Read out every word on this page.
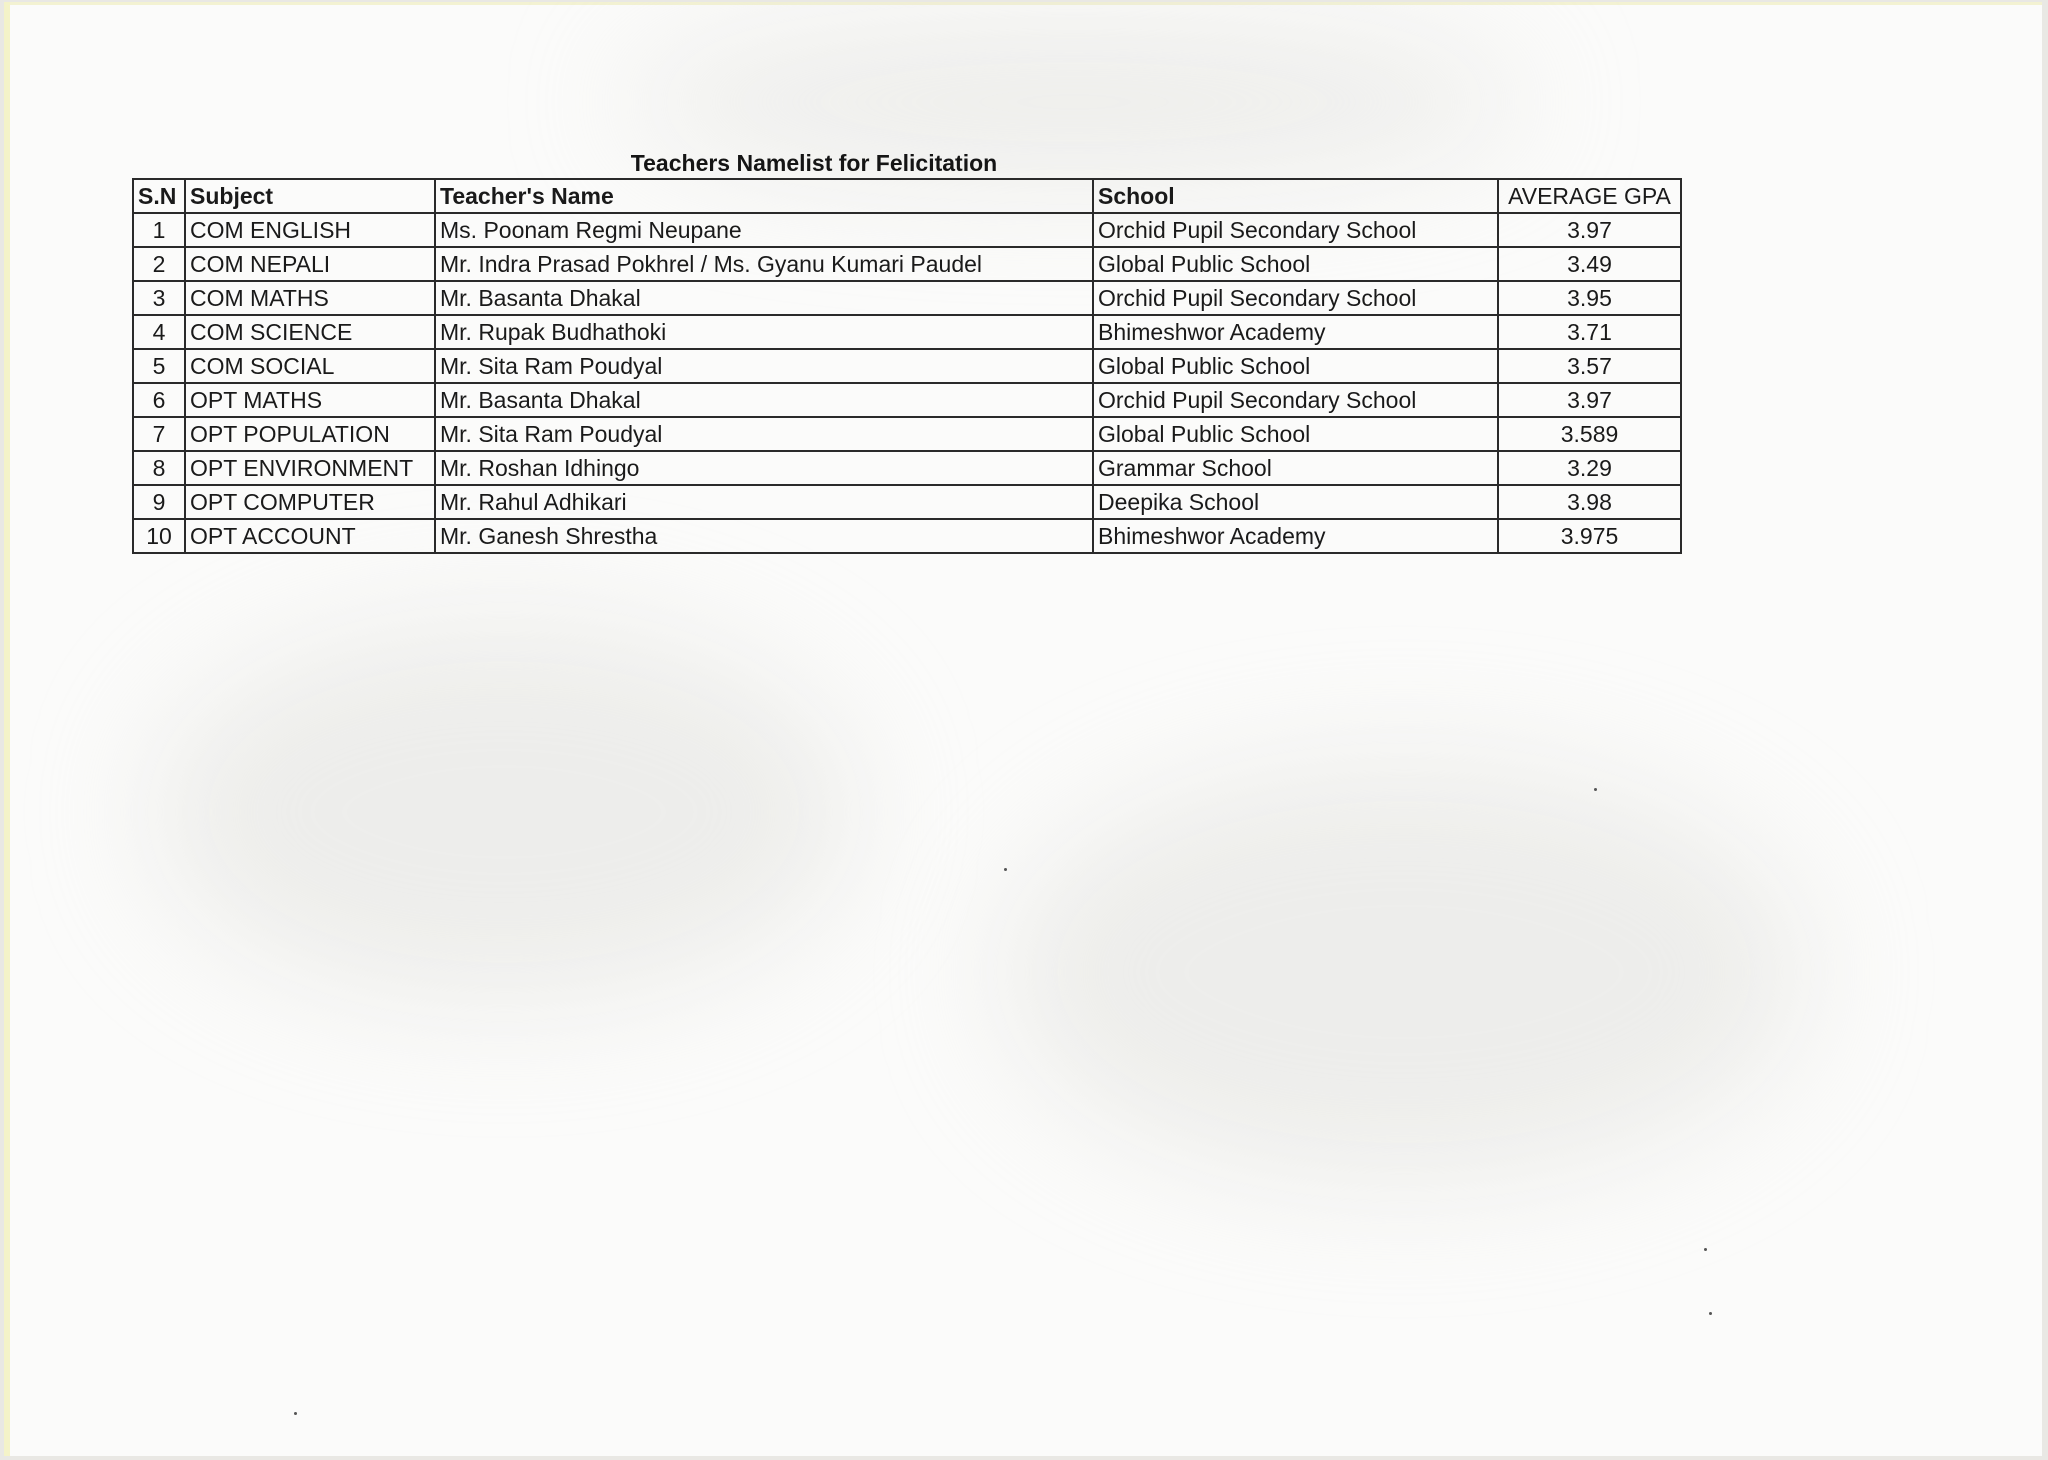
Teachers Namelist for Felicitation
S.N	Subject	Teacher's Name	School	AVERAGE GPA
1	COM ENGLISH	Ms. Poonam Regmi Neupane	Orchid Pupil Secondary School	3.97
2	COM NEPALI	Mr. Indra Prasad Pokhrel / Ms. Gyanu Kumari Paudel	Global Public School	3.49
3	COM MATHS	Mr. Basanta Dhakal	Orchid Pupil Secondary School	3.95
4	COM SCIENCE	Mr. Rupak Budhathoki	Bhimeshwor Academy	3.71
5	COM SOCIAL	Mr. Sita Ram Poudyal	Global Public School	3.57
6	OPT MATHS	Mr. Basanta Dhakal	Orchid Pupil Secondary School	3.97
7	OPT POPULATION	Mr. Sita Ram Poudyal	Global Public School	3.589
8	OPT ENVIRONMENT	Mr. Roshan Idhingo	Grammar School	3.29
9	OPT COMPUTER	Mr. Rahul Adhikari	Deepika School	3.98
10	OPT ACCOUNT	Mr. Ganesh Shrestha	Bhimeshwor Academy	3.975
